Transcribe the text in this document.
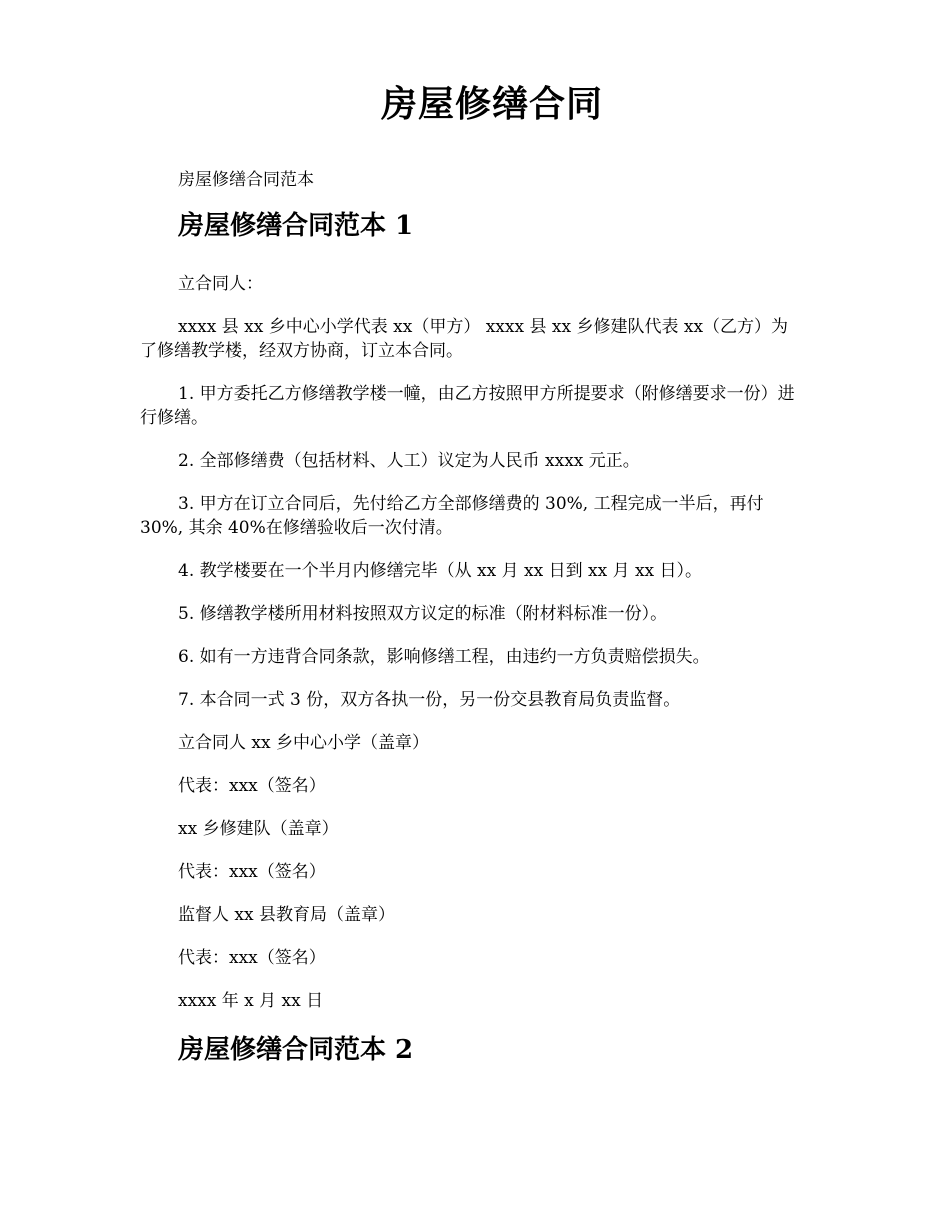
房屋修缮合同

房屋修缮合同范本

房屋修缮合同范本 1

立合同人：

xxxx 县 xx 乡中心小学代表 xx（甲方） xxxx 县 xx 乡修建队代表 xx（乙方）为了修缮教学楼，经双方协商，订立本合同。

1. 甲方委托乙方修缮教学楼一幢，由乙方按照甲方所提要求（附修缮要求一份）进行修缮。

2. 全部修缮费（包括材料、人工）议定为人民币 xxxx 元正。

3. 甲方在订立合同后，先付给乙方全部修缮费的 30%, 工程完成一半后，再付 30%, 其余 40%在修缮验收后一次付清。

4. 教学楼要在一个半月内修缮完毕（从 xx 月 xx 日到 xx 月 xx 日）。

5. 修缮教学楼所用材料按照双方议定的标准（附材料标准一份）。

6. 如有一方违背合同条款，影响修缮工程，由违约一方负责赔偿损失。

7. 本合同一式 3 份，双方各执一份，另一份交县教育局负责监督。

立合同人 xx 乡中心小学（盖章）

代表：xxx（签名）

xx 乡修建队（盖章）

代表：xxx（签名）

监督人 xx 县教育局（盖章）

代表：xxx（签名）

xxxx 年 x 月 xx 日

房屋修缮合同范本 2
